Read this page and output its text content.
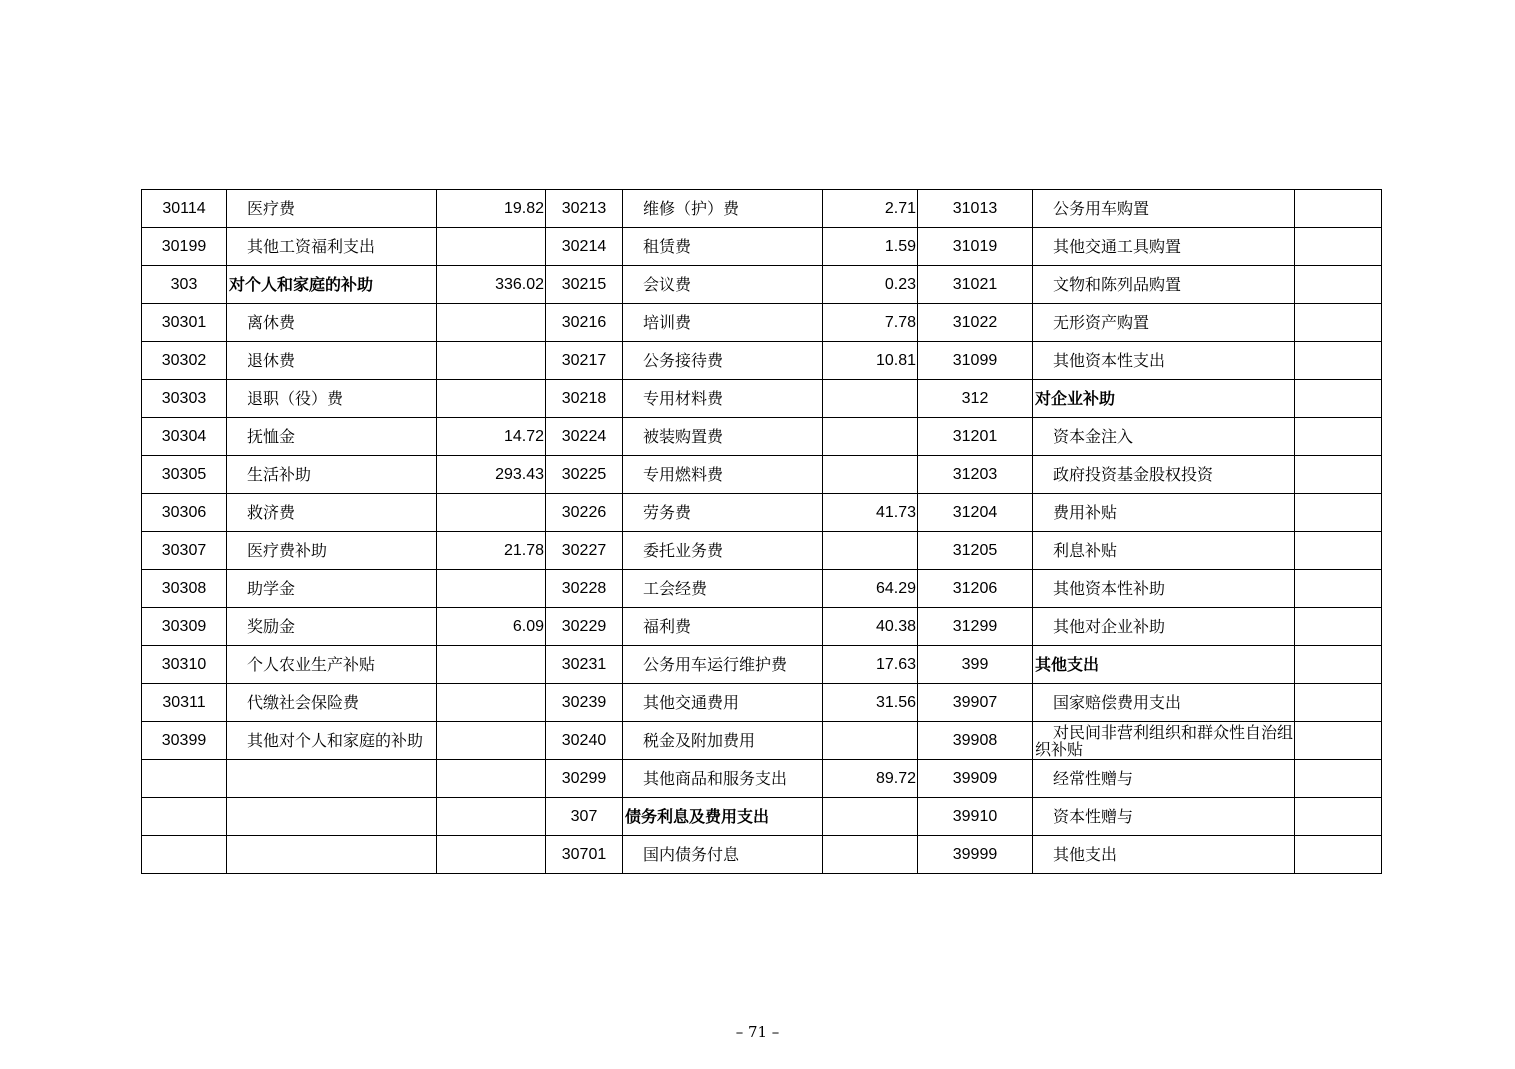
30114	医疗费	19.82	30213	维修（护）费	2.71	31013	公务用车购置	
30199	其他工资福利支出		30214	租赁费	1.59	31019	其他交通工具购置	
303	对个人和家庭的补助	336.02	30215	会议费	0.23	31021	文物和陈列品购置	
30301	离休费		30216	培训费	7.78	31022	无形资产购置	
30302	退休费		30217	公务接待费	10.81	31099	其他资本性支出	
30303	退职（役）费		30218	专用材料费		312	对企业补助	
30304	抚恤金	14.72	30224	被装购置费		31201	资本金注入	
30305	生活补助	293.43	30225	专用燃料费		31203	政府投资基金股权投资	
30306	救济费		30226	劳务费	41.73	31204	费用补贴	
30307	医疗费补助	21.78	30227	委托业务费		31205	利息补贴	
30308	助学金		30228	工会经费	64.29	31206	其他资本性补助	
30309	奖励金	6.09	30229	福利费	40.38	31299	其他对企业补助	
30310	个人农业生产补贴		30231	公务用车运行维护费	17.63	399	其他支出	
30311	代缴社会保险费		30239	其他交通费用	31.56	39907	国家赔偿费用支出	
30399	其他对个人和家庭的补助		30240	税金及附加费用		39908	对民间非营利组织和群众性自治组织补贴	
			30299	其他商品和服务支出	89.72	39909	经常性赠与	
			307	债务利息及费用支出		39910	资本性赠与	
			30701	国内债务付息		39999	其他支出	
– 71 –
